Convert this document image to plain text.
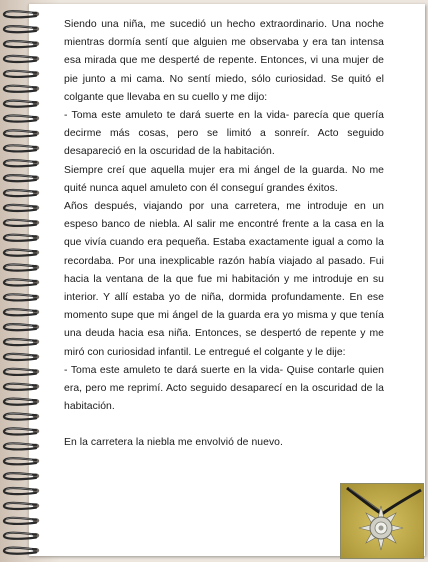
Siendo una niña, me sucedió un hecho extraordinario. Una noche mientras dormía sentí que alguien me observaba y era tan intensa esa mirada que me desperté de repente. Entonces, vi una mujer de pie junto a mi cama. No sentí miedo, sólo curiosidad. Se quitó el colgante que llevaba en su cuello y me dijo:

- Toma este amuleto te dará suerte en la vida- parecía que quería decirme más cosas, pero se limitó a sonreír. Acto seguido desapareció en la oscuridad de la habitación.

Siempre creí que aquella mujer era mi ángel de la guarda. No me quité nunca aquel amuleto con él conseguí grandes éxitos.

Años después, viajando por una carretera, me introduje en un espeso banco de niebla. Al salir me encontré frente a la casa en la que vivía cuando era pequeña. Estaba exactamente igual a como la recordaba. Por una inexplicable razón había viajado al pasado. Fui hacia la ventana de la que fue mi habitación y me introduje en su interior. Y allí estaba yo de niña, dormida profundamente. En ese momento supe que mi ángel de la guarda era yo misma y que tenía una deuda hacia esa niña. Entonces, se despertó de repente y me miró con curiosidad infantil. Le entregué el colgante y le dije:

- Toma este amuleto te dará suerte en la vida- Quise contarle quien era, pero me reprimí. Acto seguido desaparecí en la oscuridad de la habitación.

En la carretera la niebla me envolvió de nuevo.
